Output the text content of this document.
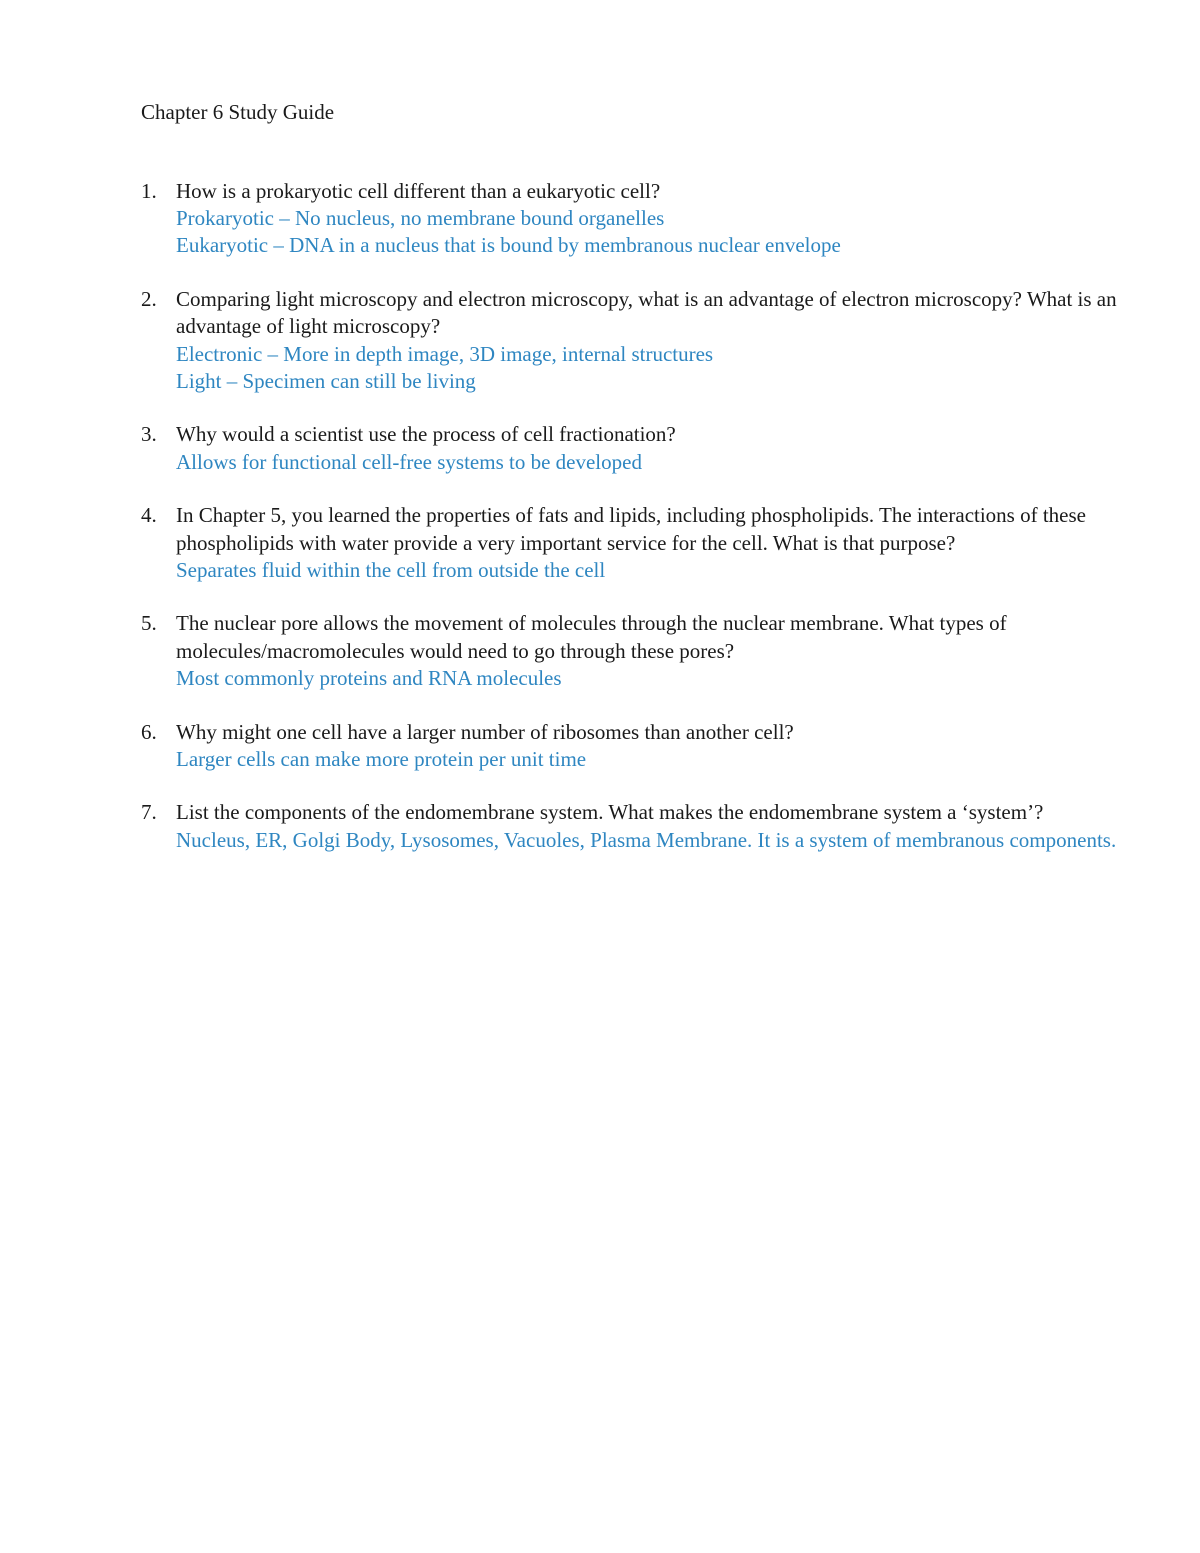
Chapter 6 Study Guide
1. How is a prokaryotic cell different than a eukaryotic cell?
Prokaryotic – No nucleus, no membrane bound organelles
Eukaryotic – DNA in a nucleus that is bound by membranous nuclear envelope
2. Comparing light microscopy and electron microscopy, what is an advantage of electron microscopy? What is an advantage of light microscopy?
Electronic – More in depth image, 3D image, internal structures
Light – Specimen can still be living
3. Why would a scientist use the process of cell fractionation?
Allows for functional cell-free systems to be developed
4. In Chapter 5, you learned the properties of fats and lipids, including phospholipids. The interactions of these phospholipids with water provide a very important service for the cell. What is that purpose?
Separates fluid within the cell from outside the cell
5. The nuclear pore allows the movement of molecules through the nuclear membrane. What types of molecules/macromolecules would need to go through these pores?
Most commonly proteins and RNA molecules
6. Why might one cell have a larger number of ribosomes than another cell?
Larger cells can make more protein per unit time
7. List the components of the endomembrane system. What makes the endomembrane system a ‘system’?
Nucleus, ER, Golgi Body, Lysosomes, Vacuoles, Plasma Membrane. It is a system of membranous components.
